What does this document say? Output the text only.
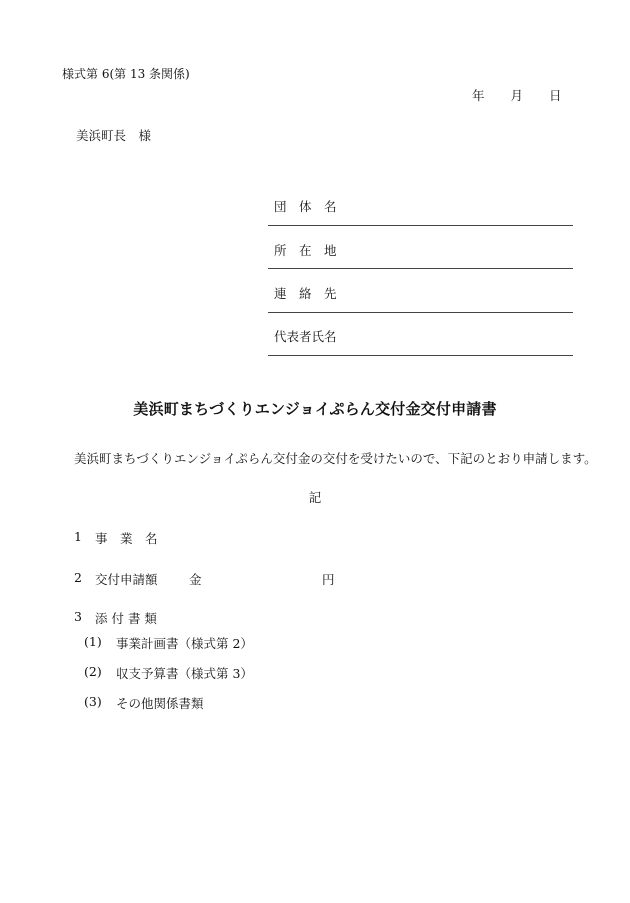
様式第 6(第 13 条関係)
年 月 日
美浜町長　様
団　体　名
所　在　地
連　絡　先
代表者氏名
美浜町まちづくりエンジョイぷらん交付金交付申請書
美浜町まちづくりエンジョイぷらん交付金の交付を受けたいので、下記のとおり申請します。
記
1 事　業　名
2 交付申請額	金	円
3 添 付 書 類
(1) 事業計画書（様式第 2）
(2) 収支予算書（様式第 3）
(3) その他関係書類
